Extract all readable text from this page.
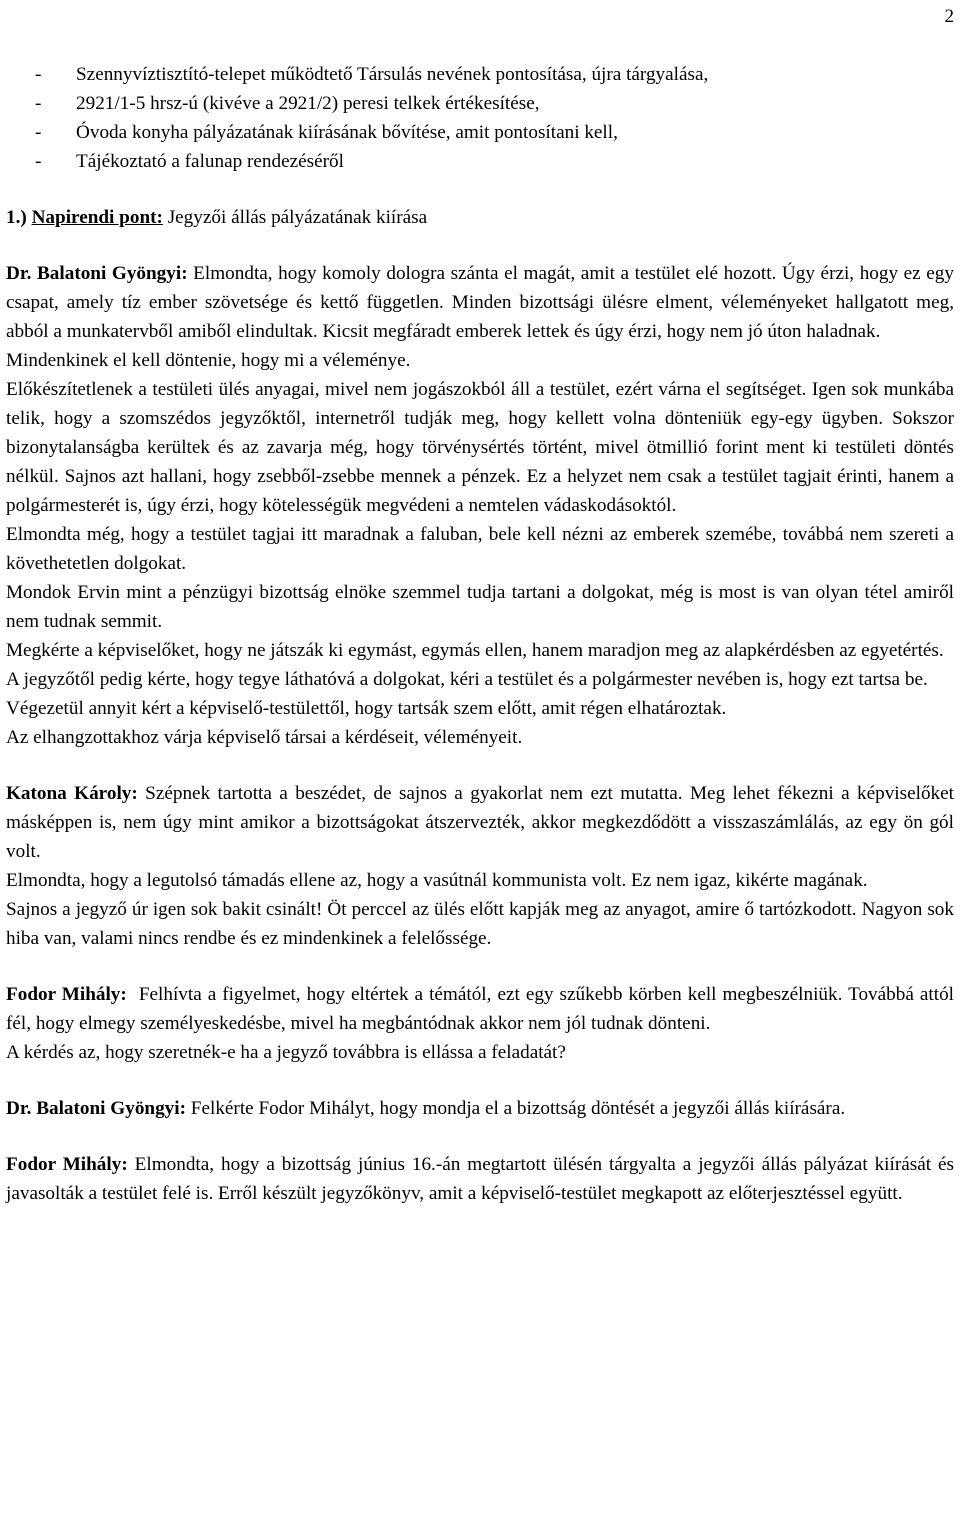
2
- Szennyvíztisztító-telepet működtető Társulás nevének pontosítása, újra tárgyalása,
- 2921/1-5 hrsz-ú (kivéve a 2921/2) peresi telkek értékesítése,
- Óvoda konyha pályázatának kiírásának bővítése, amit pontosítani kell,
- Tájékoztató a falunap rendezéséről

1.) Napirendi pont: Jegyzői állás pályázatának kiírása

Dr. Balatoni Gyöngyi: Elmondta, hogy komoly dologra szánta el magát, amit a testület elé hozott. Úgy érzi, hogy ez egy csapat, amely tíz ember szövetsége és kettő független. Minden bizottsági ülésre elment, véleményeket hallgatott meg, abból a munkatervből amiből elindultak. Kicsit megfáradt emberek lettek és úgy érzi, hogy nem jó úton haladnak.

Mindenkinek el kell döntenie, hogy mi a véleménye.

Előkészítetlenek a testületi ülés anyagai, mivel nem jogászokból áll a testület, ezért várna el segítséget. Igen sok munkába telik, hogy a szomszédos jegyzőktől, internetről tudják meg, hogy kellett volna dönteniük egy-egy ügyben. Sokszor bizonytalanságba kerültek és az zavarja még, hogy törvénysértés történt, mivel ötmillió forint ment ki testületi döntés nélkül. Sajnos azt hallani, hogy zsebből-zsebbe mennek a pénzek. Ez a helyzet nem csak a testület tagjait érinti, hanem a polgármesterét is, úgy érzi, hogy kötelességük megvédeni a nemtelen vádaskodásoktól.

Elmondta még, hogy a testület tagjai itt maradnak a faluban, bele kell nézni az emberek szemébe, továbbá nem szereti a követhetetlen dolgokat.

Mondok Ervin mint a pénzügyi bizottság elnöke szemmel tudja tartani a dolgokat, még is most is van olyan tétel amiről nem tudnak semmit.

Megkérte a képviselőket, hogy ne játszák ki egymást, egymás ellen, hanem maradjon meg az alapkérdésben az egyetértés.

A jegyzőtől pedig kérte, hogy tegye láthatóvá a dolgokat, kéri a testület és a polgármester nevében is, hogy ezt tartsa be.

Végezetül annyit kért a képviselő-testülettől, hogy tartsák szem előtt, amit régen elhatároztak.

Az elhangzottakhoz várja képviselő társai a kérdéseit, véleményeit.

Katona Károly: Szépnek tartotta a beszédet, de sajnos a gyakorlat nem ezt mutatta. Meg lehet fékezni a képviselőket másképpen is, nem úgy mint amikor a bizottságokat átszervezték, akkor megkezdődött a visszaszámlálás, az egy ön gól volt.

Elmondta, hogy a legutolsó támadás ellene az, hogy a vasútnál kommunista volt. Ez nem igaz, kikérte magának.

Sajnos a jegyző úr igen sok bakit csinált! Öt perccel az ülés előtt kapják meg az anyagot, amire ő tartózkodott. Nagyon sok hiba van, valami nincs rendbe és ez mindenkinek a felelőssége.

Fodor Mihály:  Felhívta a figyelmet, hogy eltértek a témától, ezt egy szűkebb körben kell megbeszélniük. Továbbá attól fél, hogy elmegy személyeskedésbe, mivel ha megbántódnak akkor nem jól tudnak dönteni.

A kérdés az, hogy szeretnék-e ha a jegyző továbbra is ellássa a feladatát?

Dr. Balatoni Gyöngyi: Felkérte Fodor Mihályt, hogy mondja el a bizottság döntését a jegyzői állás kiírására.

Fodor Mihály: Elmondta, hogy a bizottság június 16.-án megtartott ülésén tárgyalta a jegyzői állás pályázat kiírását és javasolták a testület felé is. Erről készült jegyzőkönyv, amit a képviselő-testület megkapott az előterjesztéssel együtt.
